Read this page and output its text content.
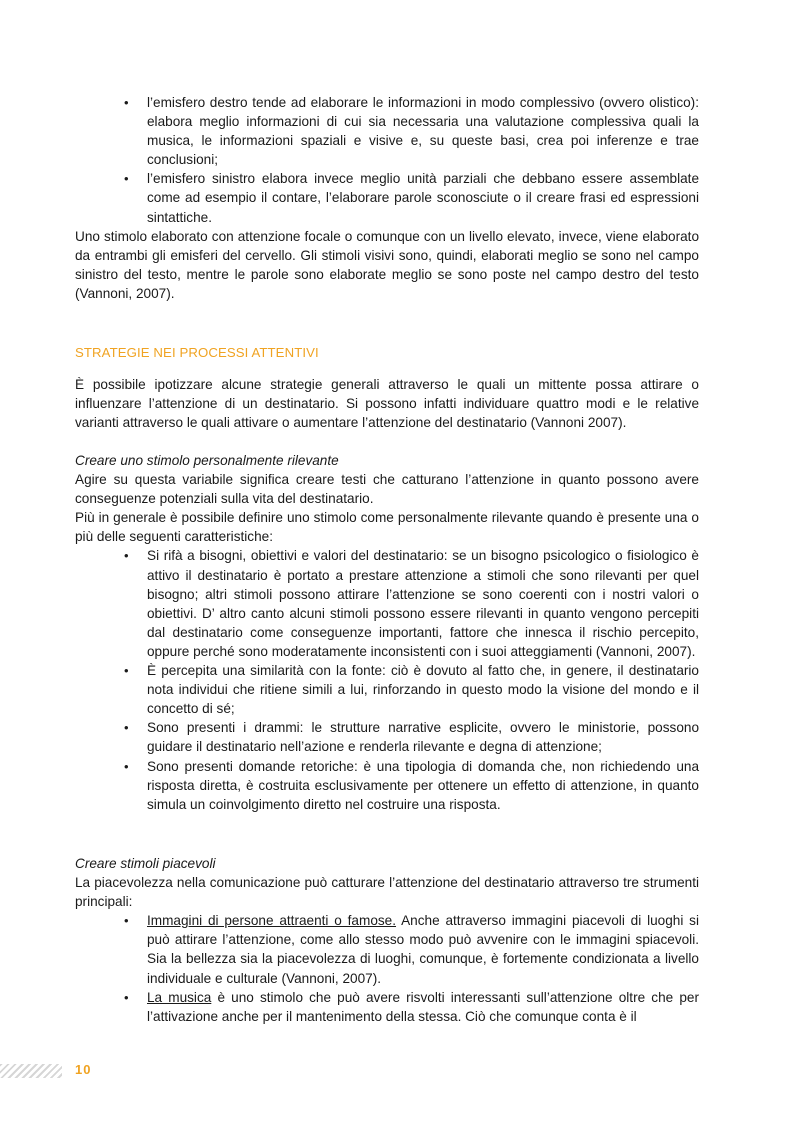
• l’emisfero destro tende ad elaborare le informazioni in modo complessivo (ovvero olistico): elabora meglio informazioni di cui sia necessaria una valutazione complessiva quali la musica, le informazioni spaziali e visive e, su queste basi, crea poi inferenze e trae conclusioni;
• l’emisfero sinistro elabora invece meglio unità parziali che debbano essere assemblate come ad esempio il contare, l’elaborare parole sconosciute o il creare frasi ed espressioni sintattiche.

Uno stimolo elaborato con attenzione focale o comunque con un livello elevato, invece, viene elaborato da entrambi gli emisferi del cervello. Gli stimoli visivi sono, quindi, elaborati meglio se sono nel campo sinistro del testo, mentre le parole sono elaborate meglio se sono poste nel campo destro del testo (Vannoni, 2007).

STRATEGIE NEI PROCESSI ATTENTIVI

È possibile ipotizzare alcune strategie generali attraverso le quali un mittente possa attirare o influenzare l’attenzione di un destinatario. Si possono infatti individuare quattro modi e le relative varianti attraverso le quali attivare o aumentare l’attenzione del destinatario (Vannoni 2007).

Creare uno stimolo personalmente rilevante

Agire su questa variabile significa creare testi che catturano l’attenzione in quanto possono avere conseguenze potenziali sulla vita del destinatario.

Più in generale è possibile definire uno stimolo come personalmente rilevante quando è presente una o più delle seguenti caratteristiche:

• Si rifà a bisogni, obiettivi e valori del destinatario: se un bisogno psicologico o fisiologico è attivo il destinatario è portato a prestare attenzione a stimoli che sono rilevanti per quel bisogno; altri stimoli possono attirare l’attenzione se sono coerenti con i nostri valori o obiettivi. D’ altro canto alcuni stimoli possono essere rilevanti in quanto vengono percepiti dal destinatario come conseguenze importanti, fattore che innesca il rischio percepito, oppure perché sono moderatamente inconsistenti con i suoi atteggiamenti (Vannoni, 2007).
• È percepita una similarità con la fonte: ciò è dovuto al fatto che, in genere, il destinatario nota individui che ritiene simili a lui, rinforzando in questo modo la visione del mondo e il concetto di sé;
• Sono presenti i drammi: le strutture narrative esplicite, ovvero le ministorie, possono guidare il destinatario nell’azione e renderla rilevante e degna di attenzione;
• Sono presenti domande retoriche: è una tipologia di domanda che, non richiedendo una risposta diretta, è costruita esclusivamente per ottenere un effetto di attenzione, in quanto simula un coinvolgimento diretto nel costruire una risposta.

Creare stimoli piacevoli

La piacevolezza nella comunicazione può catturare l’attenzione del destinatario attraverso tre strumenti principali:

• Immagini di persone attraenti o famose. Anche attraverso immagini piacevoli di luoghi si può attirare l’attenzione, come allo stesso modo può avvenire con le immagini spiacevoli. Sia la bellezza sia la piacevolezza di luoghi, comunque, è fortemente condizionata a livello individuale e culturale (Vannoni, 2007).
• La musica è uno stimolo che può avere risvolti interessanti sull’attenzione oltre che per l’attivazione anche per il mantenimento della stessa. Ciò che comunque conta è il
10
